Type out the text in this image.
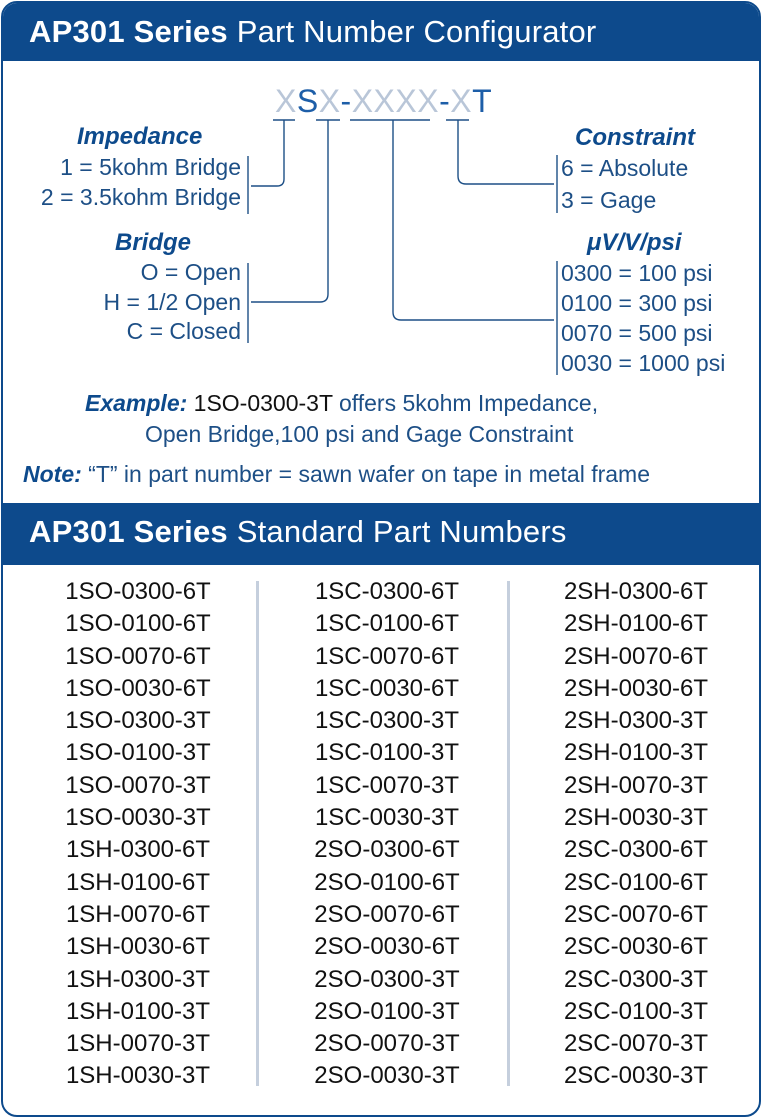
AP301 Series Part Number Configurator
XSX-XXXX-XT
Impedance
1 = 5kohm Bridge
2 = 3.5kohm Bridge
Bridge
O = Open
H = 1/2 Open
C = Closed
Constraint
6 = Absolute
3 = Gage
μV/V/psi
0300 = 100 psi
0100 = 300 psi
0070 = 500 psi
0030 = 1000 psi
Example: 1SO-0300-3T offers 5kohm Impedance,
Open Bridge,100 psi and Gage Constraint
Note: “T” in part number = sawn wafer on tape in metal frame
AP301 Series Standard Part Numbers
1SO-0300-6T
1SO-0100-6T
1SO-0070-6T
1SO-0030-6T
1SO-0300-3T
1SO-0100-3T
1SO-0070-3T
1SO-0030-3T
1SH-0300-6T
1SH-0100-6T
1SH-0070-6T
1SH-0030-6T
1SH-0300-3T
1SH-0100-3T
1SH-0070-3T
1SH-0030-3T
1SC-0300-6T
1SC-0100-6T
1SC-0070-6T
1SC-0030-6T
1SC-0300-3T
1SC-0100-3T
1SC-0070-3T
1SC-0030-3T
2SO-0300-6T
2SO-0100-6T
2SO-0070-6T
2SO-0030-6T
2SO-0300-3T
2SO-0100-3T
2SO-0070-3T
2SO-0030-3T
2SH-0300-6T
2SH-0100-6T
2SH-0070-6T
2SH-0030-6T
2SH-0300-3T
2SH-0100-3T
2SH-0070-3T
2SH-0030-3T
2SC-0300-6T
2SC-0100-6T
2SC-0070-6T
2SC-0030-6T
2SC-0300-3T
2SC-0100-3T
2SC-0070-3T
2SC-0030-3T
